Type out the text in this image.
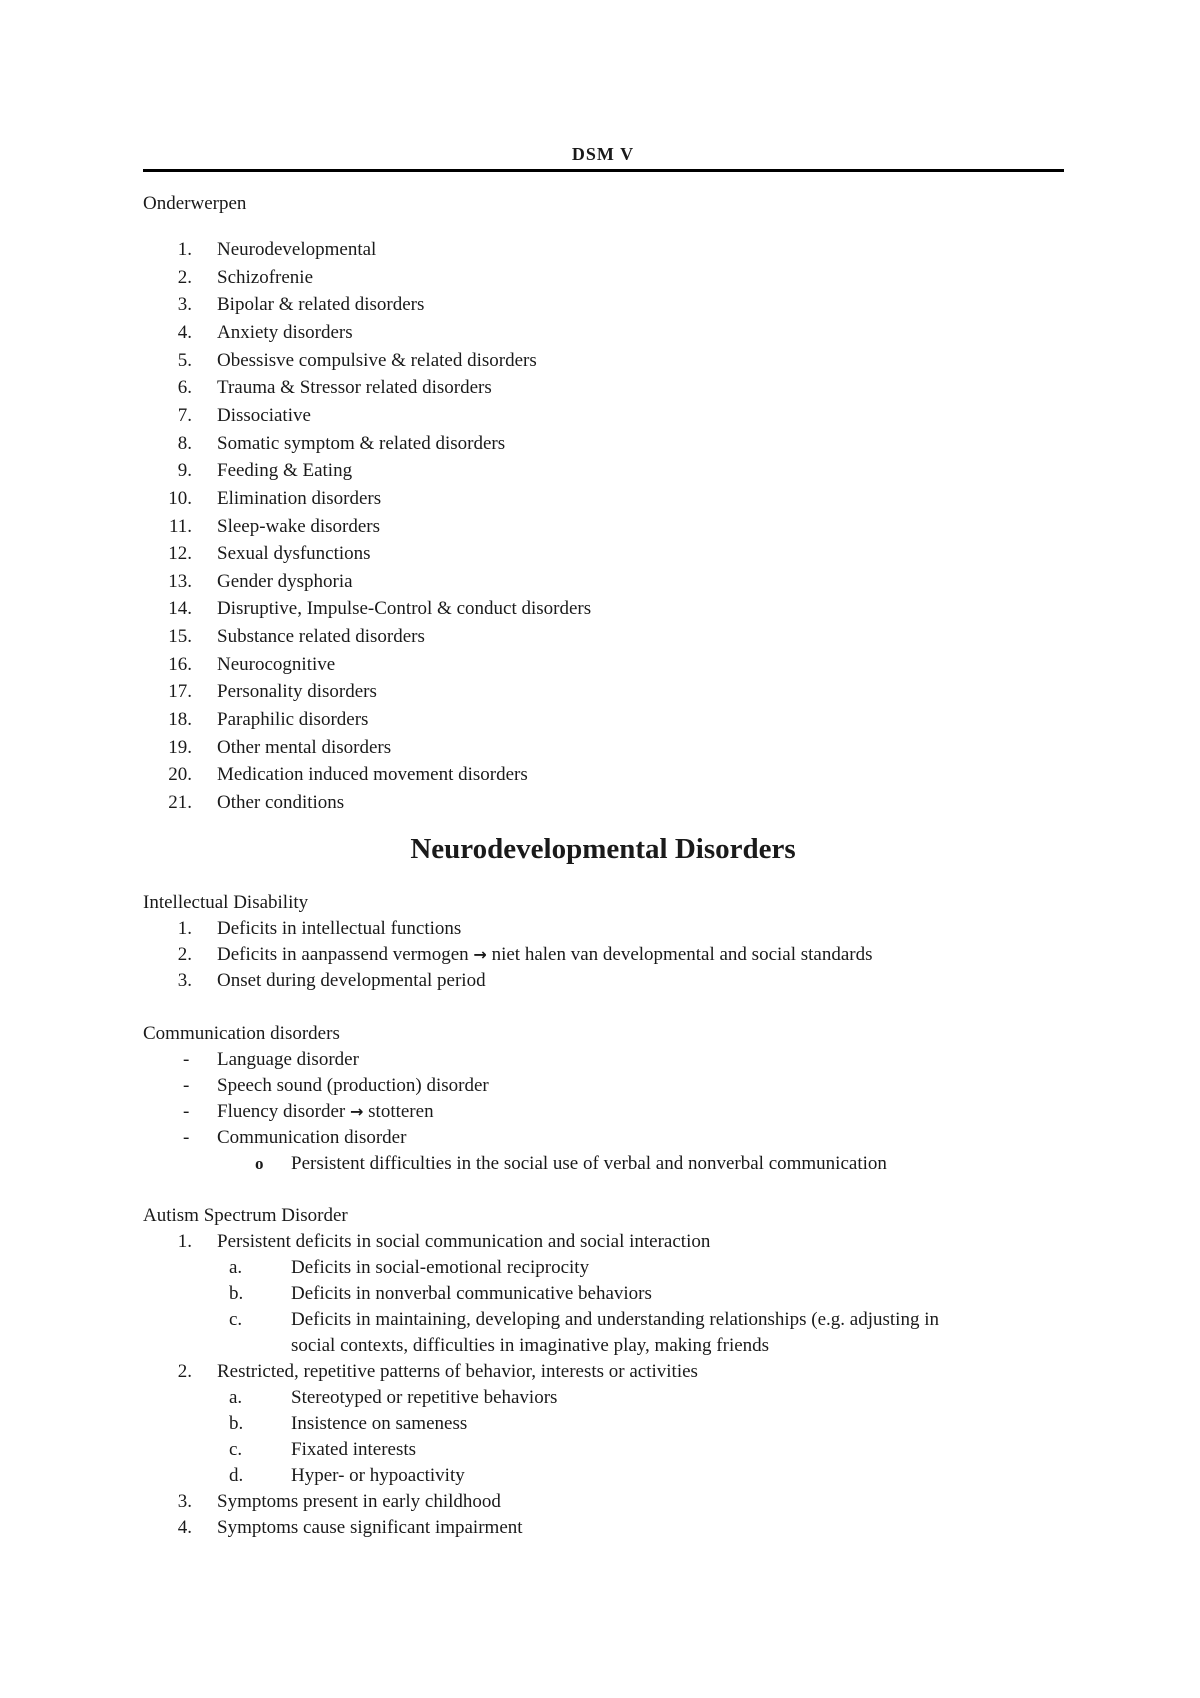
DSM V
Onderwerpen
1. Neurodevelopmental
2. Schizofrenie
3. Bipolar & related disorders
4. Anxiety disorders
5. Obessisve compulsive & related disorders
6. Trauma & Stressor related disorders
7. Dissociative
8. Somatic symptom & related disorders
9. Feeding & Eating
10. Elimination disorders
11. Sleep-wake disorders
12. Sexual dysfunctions
13. Gender dysphoria
14. Disruptive, Impulse-Control & conduct disorders
15. Substance related disorders
16. Neurocognitive
17. Personality disorders
18. Paraphilic disorders
19. Other mental disorders
20. Medication induced movement disorders
21. Other conditions
Neurodevelopmental Disorders
Intellectual Disability
1. Deficits in intellectual functions
2. Deficits in aanpassend vermogen → niet halen van developmental and social standards
3. Onset during developmental period
Communication disorders
-	Language disorder
-	Speech sound (production) disorder
-	Fluency disorder → stotteren
-	Communication disorder
o Persistent difficulties in the social use of verbal and nonverbal communication
Autism Spectrum Disorder
1. Persistent deficits in social communication and social interaction
a.	Deficits in social-emotional reciprocity
b.	Deficits in nonverbal communicative behaviors
c.	Deficits in maintaining, developing and understanding relationships (e.g. adjusting in
social contexts, difficulties in imaginative play, making friends
2. Restricted, repetitive patterns of behavior, interests or activities
a.	Stereotyped or repetitive behaviors
b.	Insistence on sameness
c.	Fixated interests
d.	Hyper- or hypoactivity
3. Symptoms present in early childhood
4. Symptoms cause significant impairment
